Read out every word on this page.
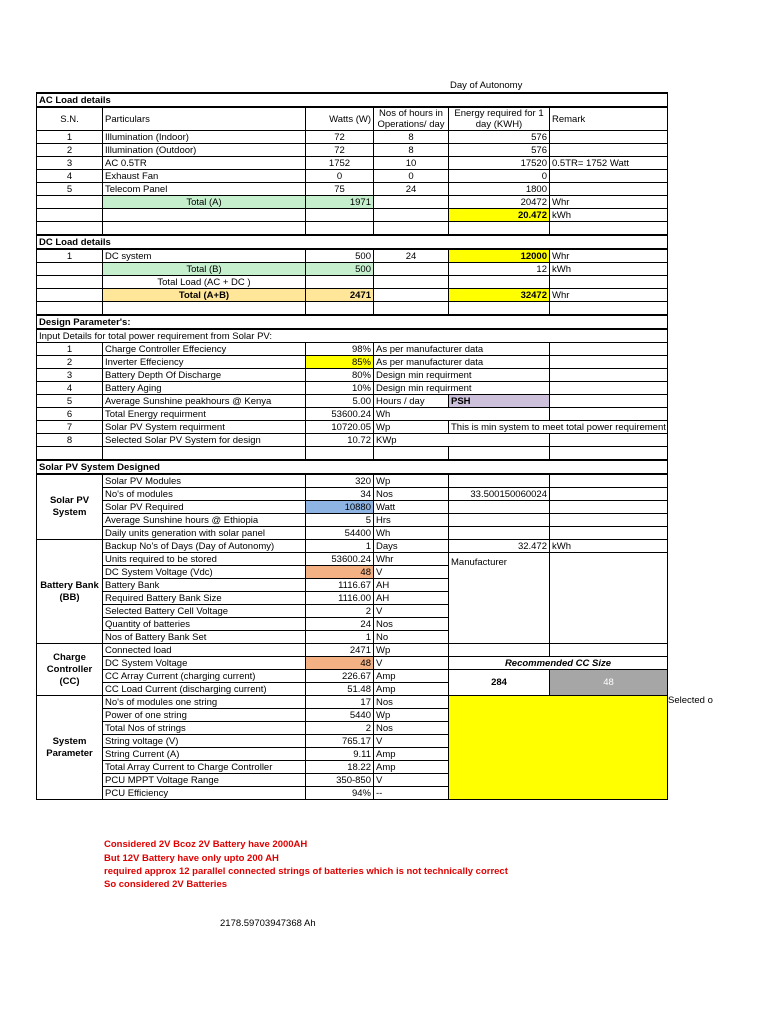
Day of Autonomy
AC Load details					
S.N.	Particulars	Watts (W)	Nos of hours in Operations/ day	Energy required for 1 day (KWH)	Remark
1	Illumination (Indoor)	72	8	576	
2	Illumination (Outdoor)	72	8	576	
3	AC 0.5TR	1752	10	17520	0.5TR= 1752 Watt
4	Exhaust Fan	0	0	0	
5	Telecom Panel	75	24	1800	
	Total (A)	1971		20472	Whr
				20.472	kWh

DC Load details					
1	DC system	500	24	12000	Whr
	Total (B)	500		12	kWh
	Total Load (AC + DC )				
	Total (A+B)	2471		32472	Whr

Design Parameter's:					
Input Details for total power requirement from Solar PV:					
1	Charge Controller Effeciency	98%	As per manufacturer data		
2	Inverter Effeciency	85%	As per manufacturer data		
3	Battery Depth Of Discharge	80%	Design min requirment		
4	Battery Aging	10%	Design min requirment		
5	Average Sunshine peakhours @ Kenya	5.00	Hours / day	PSH	
6	Total Energy requirment	53600.24	Wh		
7	Solar PV System requirment	10720.05	Wp	This is min system to meet total power requirement	
8	Selected Solar PV System for design	10.72	KWp		

Solar PV System Designed					
Solar PV System	Solar PV Modules	320	Wp		
	No's of modules	34	Nos	33.500150060024	
	Solar PV Required	10880	Watt		
	Average Sunshine hours @ Ethiopia	5	Hrs		
	Daily units generation with solar panel	54400	Wh		
Battery Bank (BB)	Backup No's of Days (Day of Autonomy)	1	Days	32.472	kWh
	Units required to be stored	53600.24	Whr	Manufacturer	
	DC System Voltage (Vdc)	48	V		
	Battery Bank	1116.67	AH		
	Required Battery Bank Size	1116.00	AH		
	Selected Battery Cell Voltage	2	V		
	Quantity of batteries	24	Nos		
	Nos of Battery Bank Set	1	No		
Charge Controller (CC)	Connected load	2471	Wp		
	DC System Voltage	48	V	Recommended CC Size	
	CC Array Current (charging current)	226.67	Amp	284	48
	CC Load Current (discharging current)	51.48	Amp		
System Parameter	No's of modules one string	17	Nos		
	Power of one string	5440	Wp		
	Total Nos of strings	2	Nos		
	String voltage (V)	765.17	V		
	String Current (A)	9.11	Amp		
	Total Array Current to Charge Controller	18.22	Amp		
	PCU MPPT Voltage Range	350-850	V		
	PCU Efficiency	94%	--		
Selected o
Considered 2V Bcoz 2V Battery have 2000AH
But 12V Battery have only upto 200 AH
required approx 12 parallel connected strings of batteries which is not technically correct
So considered 2V Batteries
2178.59703947368 Ah
